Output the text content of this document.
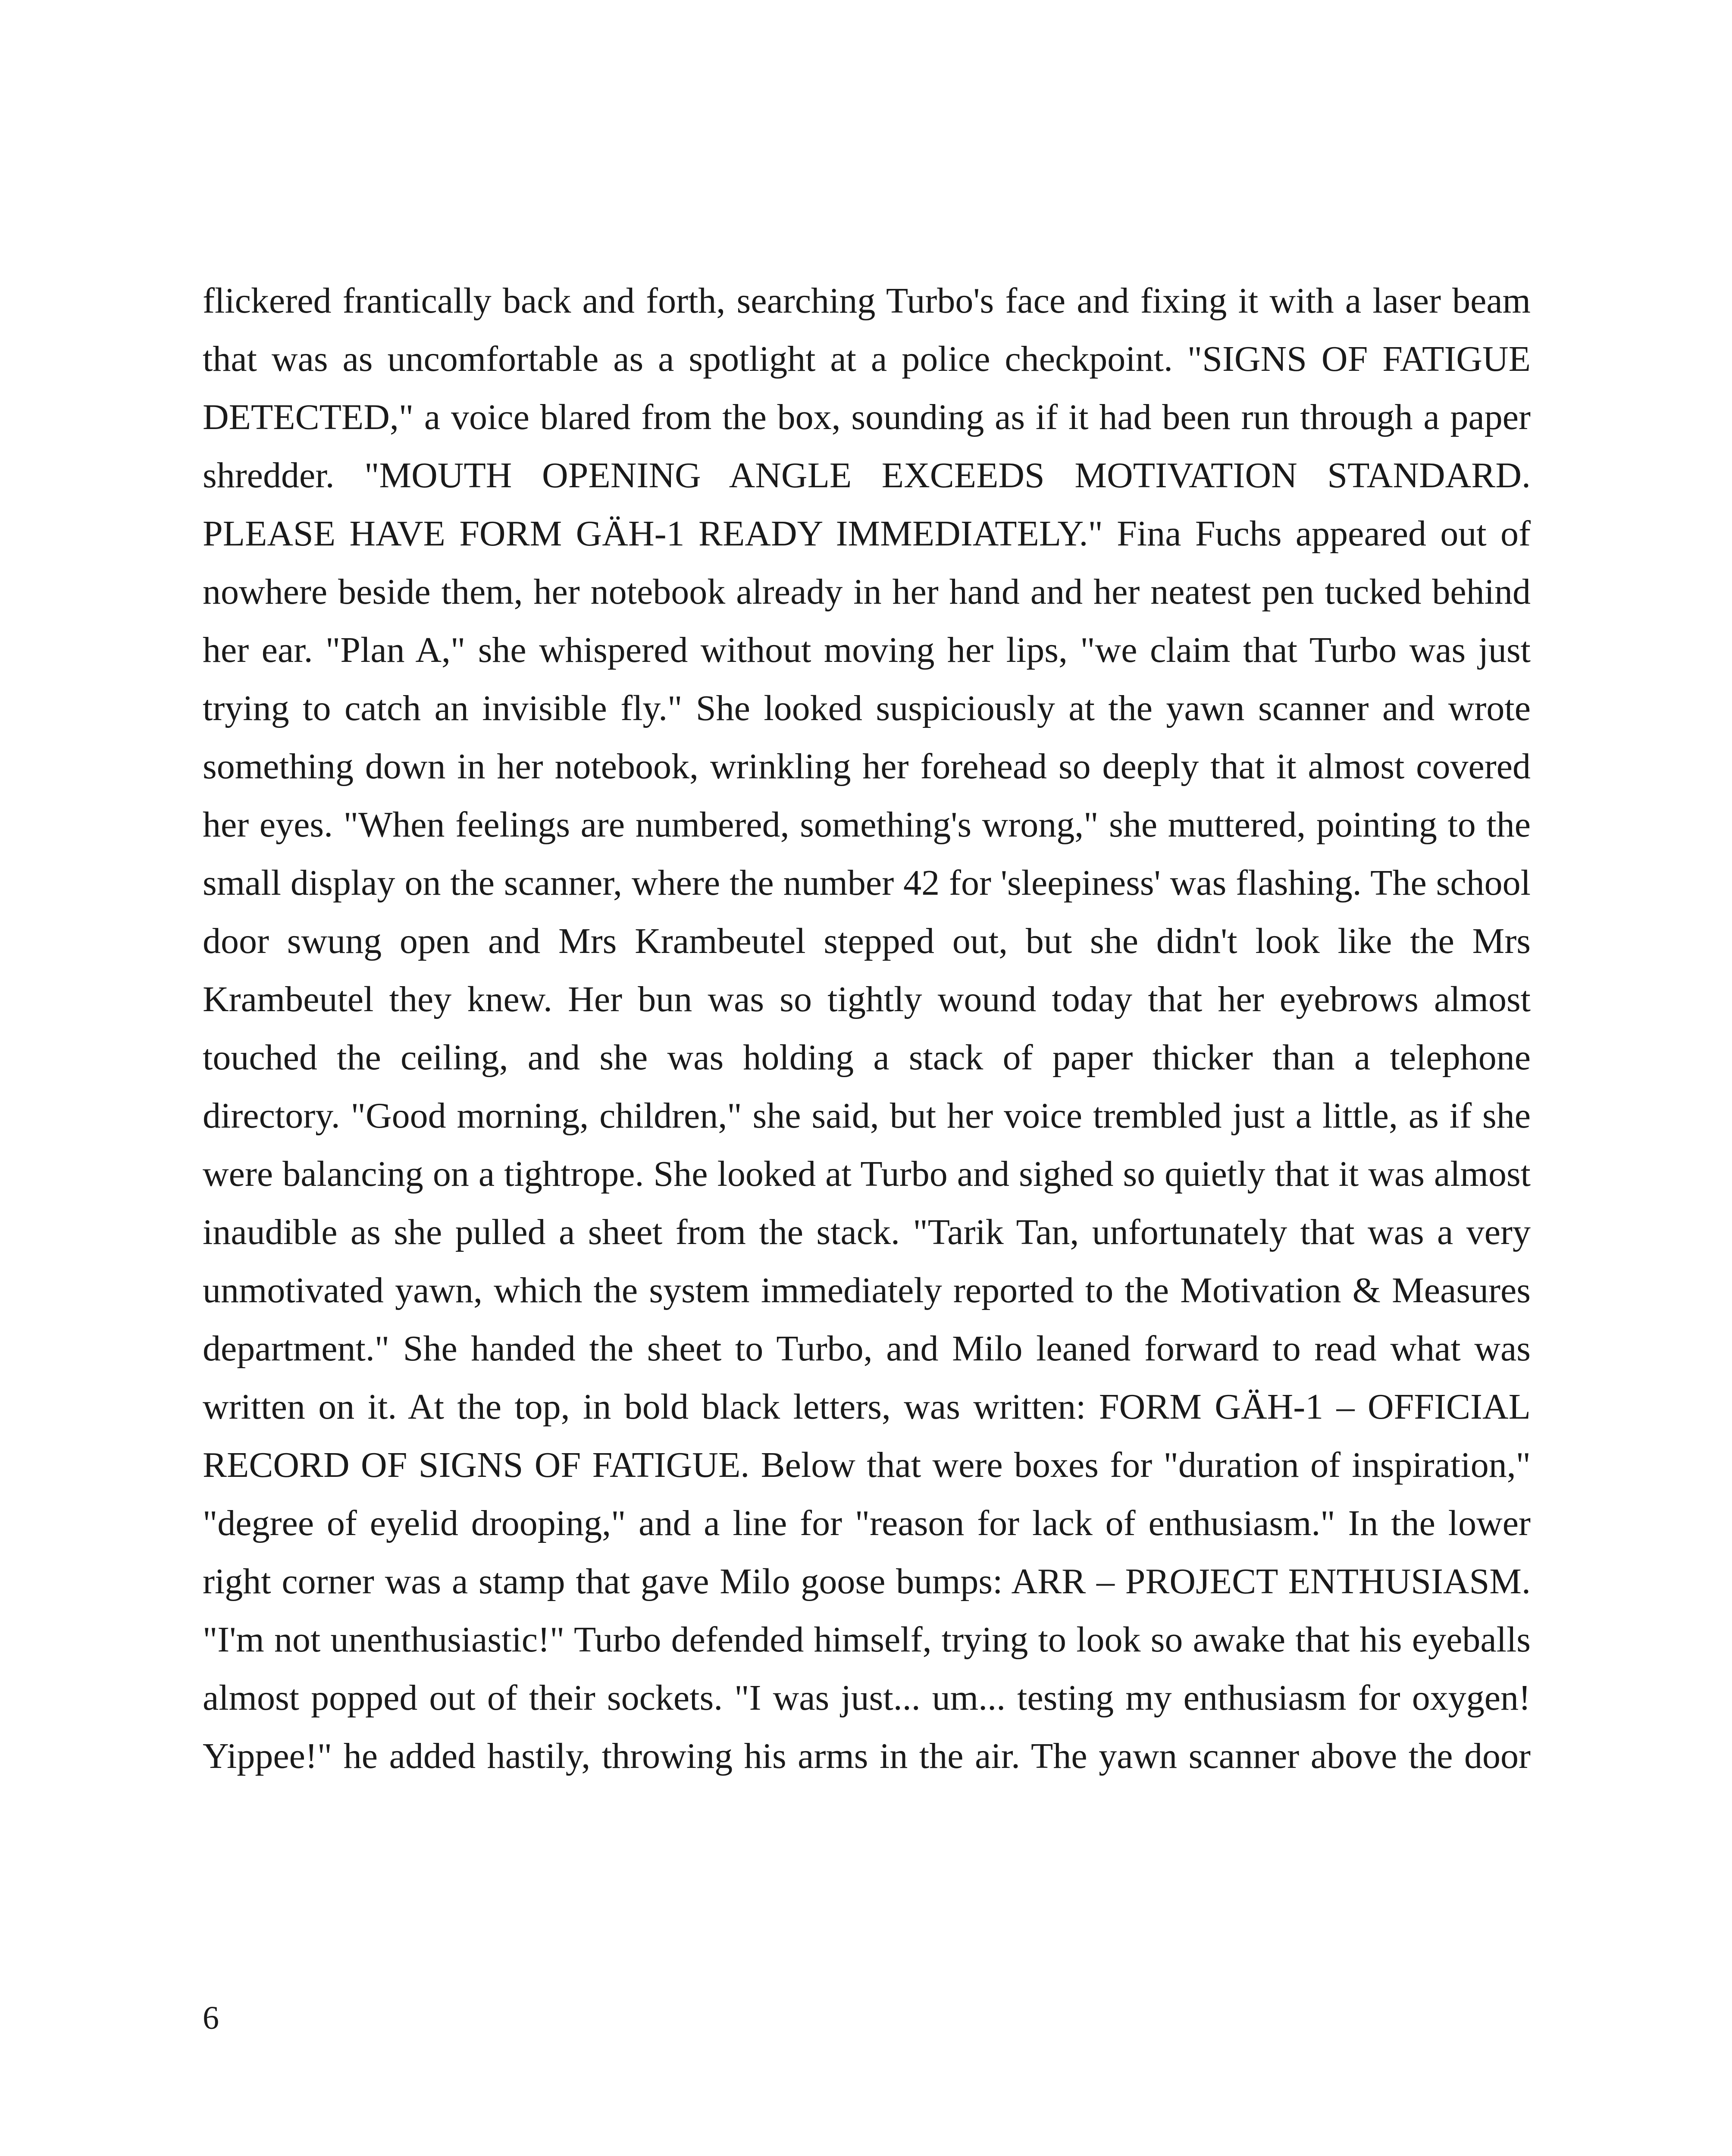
flickered frantically back and forth, searching Turbo's face and fixing it with a laser beam that was as uncomfortable as a spotlight at a police checkpoint. "SIGNS OF FATIGUE DETECTED," a voice blared from the box, sounding as if it had been run through a paper shredder. "MOUTH OPENING ANGLE EXCEEDS MOTIVATION STANDARD. PLEASE HAVE FORM GÄH-1 READY IMMEDIATELY." Fina Fuchs appeared out of nowhere beside them, her notebook already in her hand and her neatest pen tucked behind her ear. "Plan A," she whispered without moving her lips, "we claim that Turbo was just trying to catch an invisible fly." She looked suspiciously at the yawn scanner and wrote something down in her notebook, wrinkling her forehead so deeply that it almost covered her eyes. "When feelings are numbered, something's wrong," she muttered, pointing to the small display on the scanner, where the number 42 for 'sleepiness' was flashing. The school door swung open and Mrs Krambeutel stepped out, but she didn't look like the Mrs Krambeutel they knew. Her bun was so tightly wound today that her eyebrows almost touched the ceiling, and she was holding a stack of paper thicker than a telephone directory. "Good morning, children," she said, but her voice trembled just a little, as if she were balancing on a tightrope. She looked at Turbo and sighed so quietly that it was almost inaudible as she pulled a sheet from the stack. "Tarik Tan, unfortunately that was a very unmotivated yawn, which the system immediately reported to the Motivation & Measures department." She handed the sheet to Turbo, and Milo leaned forward to read what was written on it. At the top, in bold black letters, was written: FORM GÄH-1 – OFFICIAL RECORD OF SIGNS OF FATIGUE. Below that were boxes for "duration of inspiration," "degree of eyelid drooping," and a line for "reason for lack of enthusiasm." In the lower right corner was a stamp that gave Milo goose bumps: ARR – PROJECT ENTHUSIASM. "I'm not unenthusiastic!" Turbo defended himself, trying to look so awake that his eyeballs almost popped out of their sockets. "I was just... um... testing my enthusiasm for oxygen! Yippee!" he added hastily, throwing his arms in the air. The yawn scanner above the door

6
